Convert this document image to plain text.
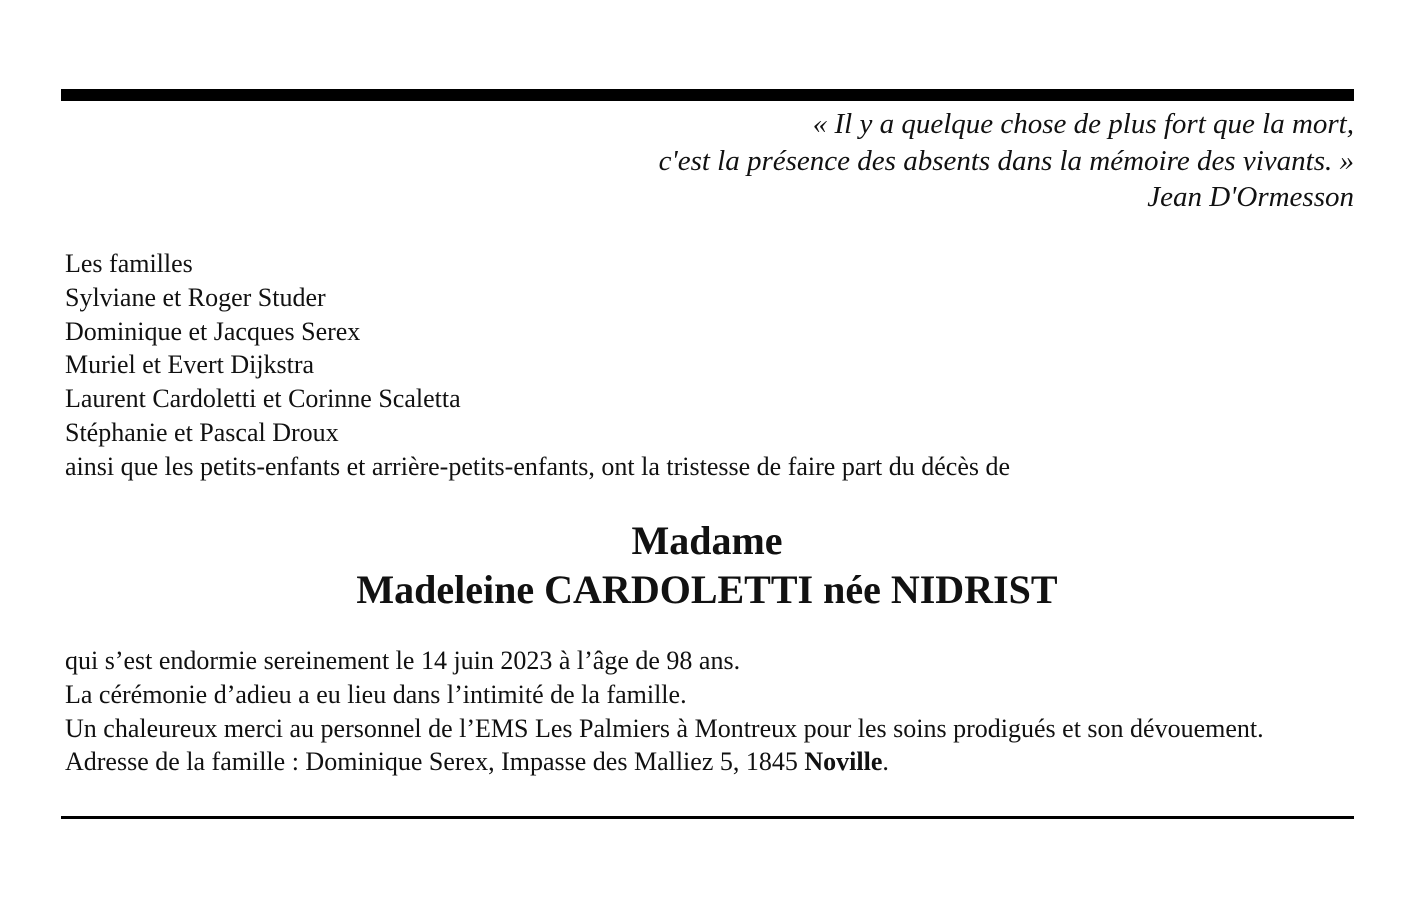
« Il y a quelque chose de plus fort que la mort,
c'est la présence des absents dans la mémoire des vivants. »
Jean D'Ormesson
Les familles
Sylviane et Roger Studer
Dominique et Jacques Serex
Muriel et Evert Dijkstra
Laurent Cardoletti et Corinne Scaletta
Stéphanie et Pascal Droux
ainsi que les petits-enfants et arrière-petits-enfants, ont la tristesse de faire part du décès de
Madame
Madeleine CARDOLETTI née NIDRIST
qui s’est endormie sereinement le 14 juin 2023 à l’âge de 98 ans.
La cérémonie d’adieu a eu lieu dans l’intimité de la famille.
Un chaleureux merci au personnel de l’EMS Les Palmiers à Montreux pour les soins prodigués et son dévouement.
Adresse de la famille : Dominique Serex, Impasse des Malliez 5, 1845 Noville.
